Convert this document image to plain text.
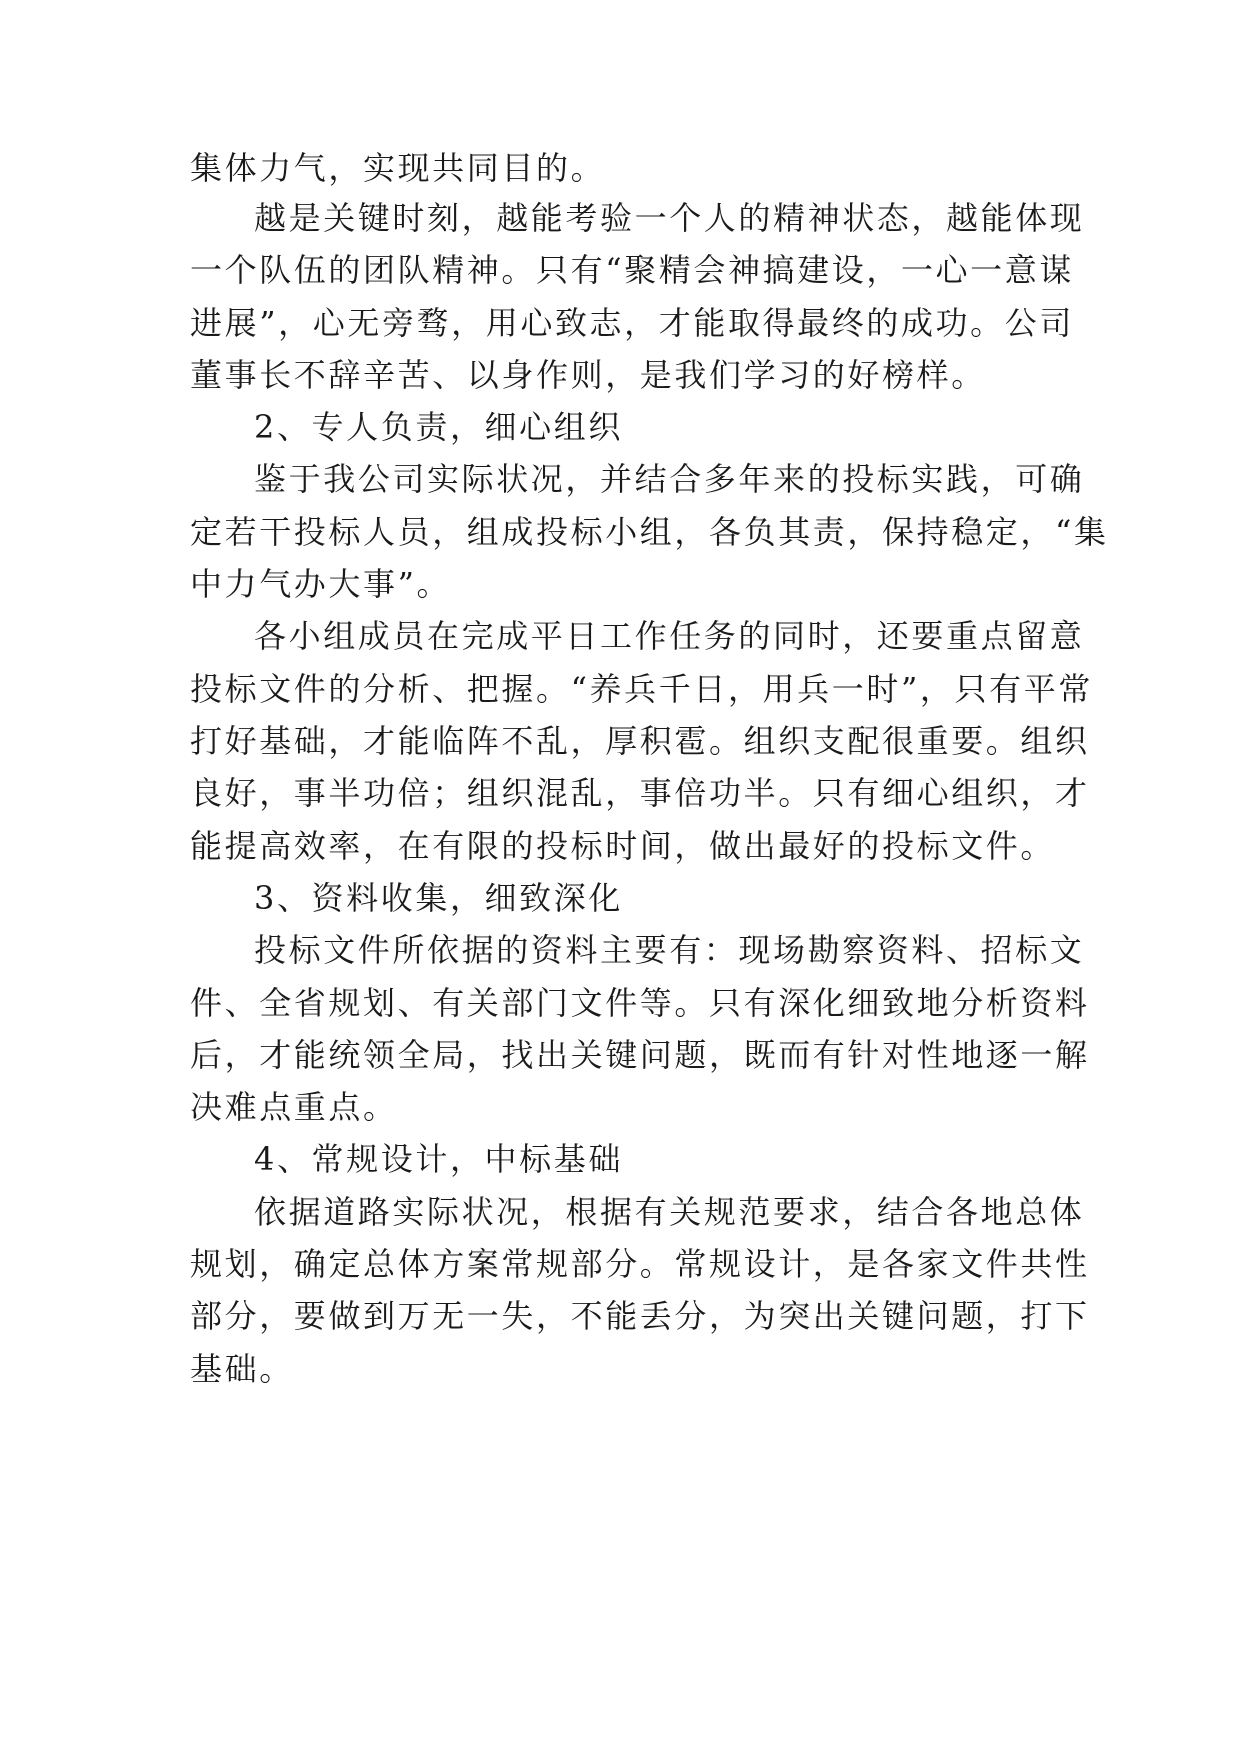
集体力气，实现共同目的。
越是关键时刻，越能考验一个人的精神状态，越能体现
一个队伍的团队精神。只有“聚精会神搞建设，一心一意谋
进展”，心无旁骛，用心致志，才能取得最终的成功。公司
董事长不辞辛苦、以身作则，是我们学习的好榜样。
2、专人负责，细心组织
鉴于我公司实际状况，并结合多年来的投标实践，可确
定若干投标人员，组成投标小组，各负其责，保持稳定，“集
中力气办大事”。
各小组成员在完成平日工作任务的同时，还要重点留意
投标文件的分析、把握。“养兵千日，用兵一时”，只有平常
打好基础，才能临阵不乱，厚积雹。组织支配很重要。组织
良好，事半功倍；组织混乱，事倍功半。只有细心组织，才
能提高效率，在有限的投标时间，做出最好的投标文件。
3、资料收集，细致深化
投标文件所依据的资料主要有：现场勘察资料、招标文
件、全省规划、有关部门文件等。只有深化细致地分析资料
后，才能统领全局，找出关键问题，既而有针对性地逐一解
决难点重点。
4、常规设计，中标基础
依据道路实际状况，根据有关规范要求，结合各地总体
规划，确定总体方案常规部分。常规设计，是各家文件共性
部分，要做到万无一失，不能丢分，为突出关键问题，打下
基础。
